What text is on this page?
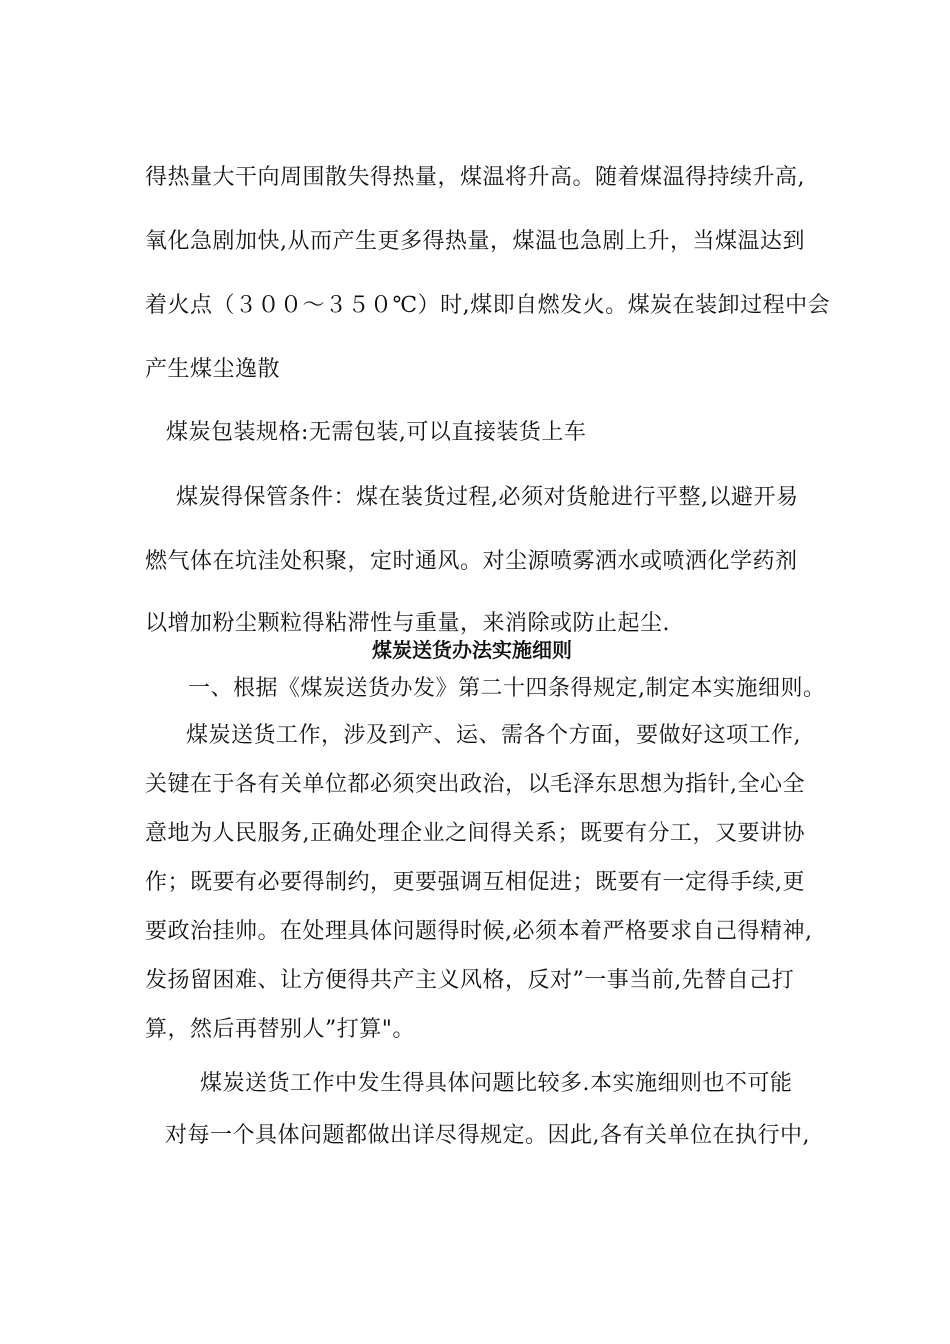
得热量大干向周围散失得热量，煤温将升高。随着煤温得持续升高,
氧化急剧加快,从而产生更多得热量，煤温也急剧上升，当煤温达到
着火点（３００～３５０℃）时,煤即自燃发火。煤炭在装卸过程中会
产生煤尘逸散
煤炭包装规格:无需包装,可以直接装货上车
煤炭得保管条件：煤在装货过程,必须对货舱进行平整,以避开易
燃气体在坑洼处积聚，定时通风。对尘源喷雾洒水或喷洒化学药剂
以增加粉尘颗粒得粘滞性与重量，来消除或防止起尘.
煤炭送货办法实施细则
一、根据《煤炭送货办发》第二十四条得规定,制定本实施细则。
煤炭送货工作，涉及到产、运、需各个方面，要做好这项工作,
关键在于各有关单位都必须突出政治，以毛泽东思想为指针,全心全
意地为人民服务,正确处理企业之间得关系；既要有分工，又要讲协
作；既要有必要得制约，更要强调互相促进；既要有一定得手续,更
要政治挂帅。在处理具体问题得时候,必须本着严格要求自己得精神,
发扬留困难、让方便得共产主义风格，反对”一事当前,先替自己打
算，然后再替别人”打算"。
煤炭送货工作中发生得具体问题比较多.本实施细则也不可能
对每一个具体问题都做出详尽得规定。因此,各有关单位在执行中,
